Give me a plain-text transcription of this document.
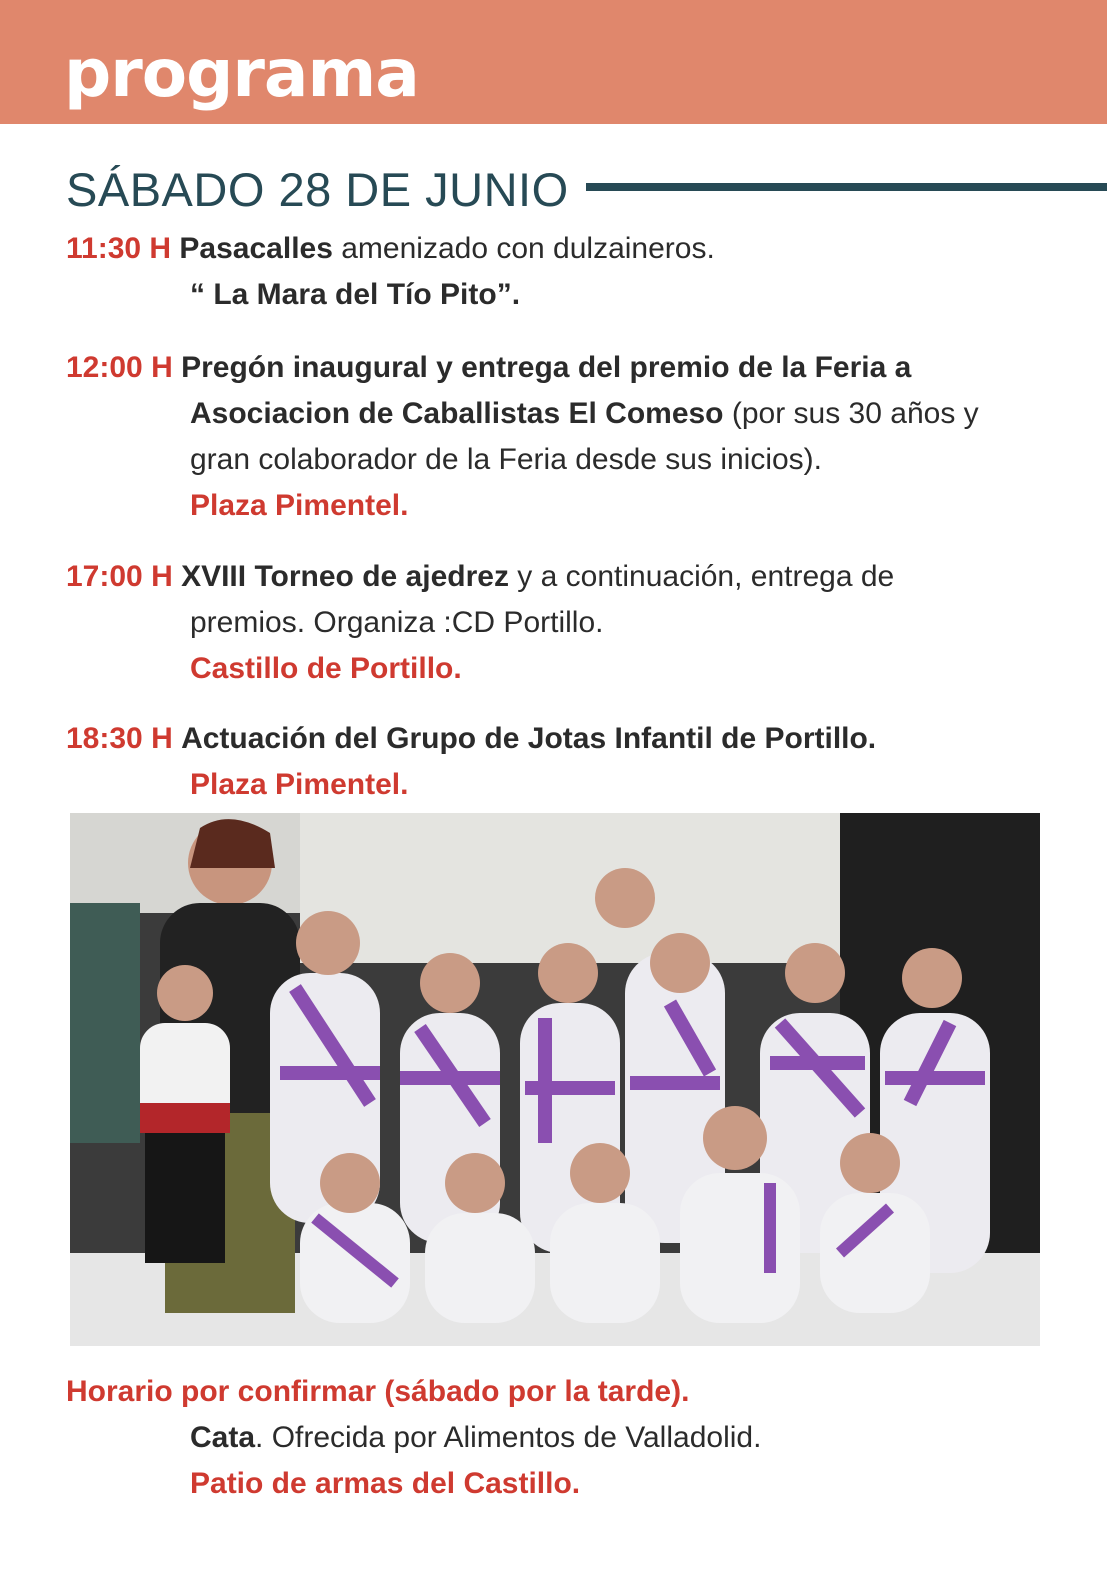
programa
SÁBADO 28 DE JUNIO
11:30 H Pasacalles amenizado con dulzaineros.
“ La Mara del Tío Pito”.
12:00 H Pregón inaugural y entrega del premio de la Feria a
Asociacion de Caballistas El Comeso (por sus 30 años y
gran colaborador de la Feria desde sus inicios).
Plaza Pimentel.
17:00 H XVIII Torneo de ajedrez y a continuación, entrega de
premios. Organiza :CD Portillo.
Castillo de Portillo.
18:30 H Actuación del Grupo de Jotas Infantil de Portillo.
Plaza Pimentel.
Horario por confirmar (sábado por la tarde).
Cata. Ofrecida por Alimentos de Valladolid.
Patio de armas del Castillo.
